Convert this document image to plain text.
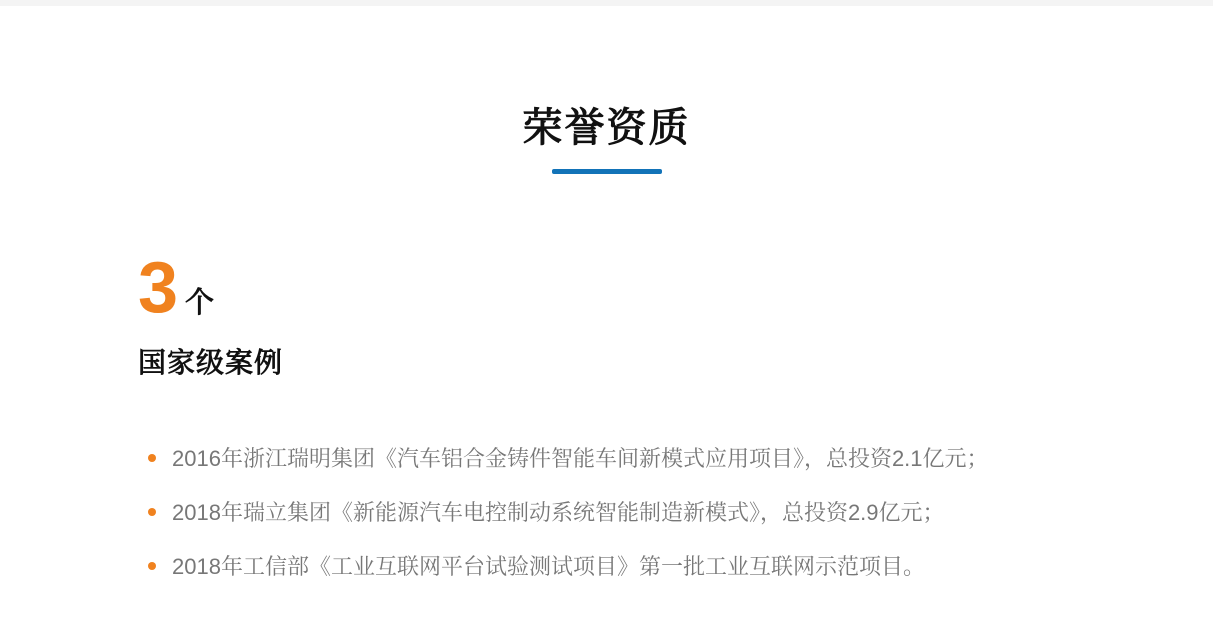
荣誉资质
3 个
国家级案例
2016年浙江瑞明集团《汽车铝合金铸件智能车间新模式应用项目》，总投资2.1亿元；
2018年瑞立集团《新能源汽车电控制动系统智能制造新模式》，总投资2.9亿元；
2018年工信部《工业互联网平台试验测试项目》第一批工业互联网示范项目。
